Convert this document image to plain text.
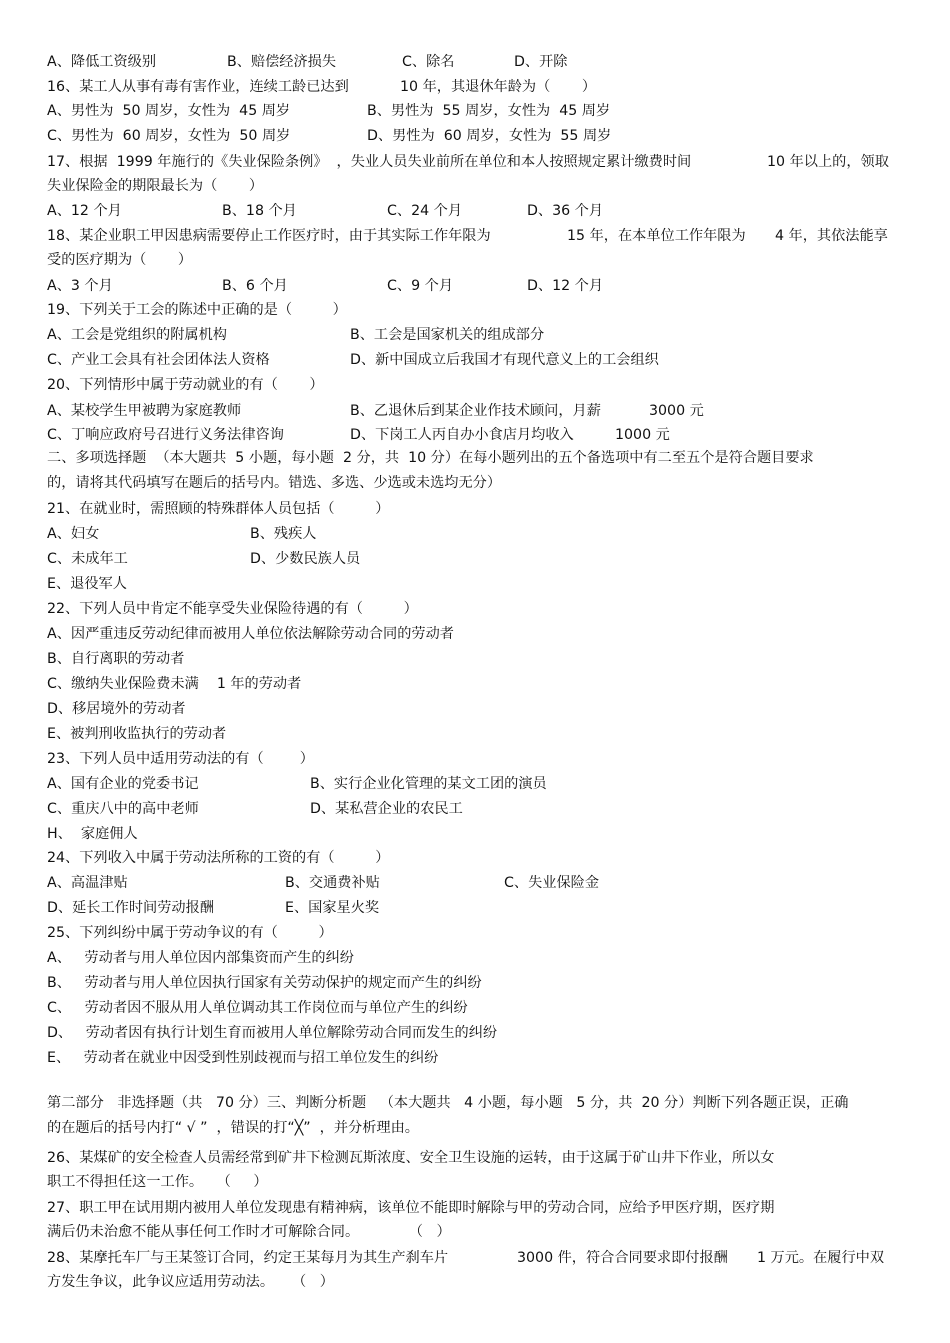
A、降低工资级别	B、赔偿经济损失	C、除名	D、开除
16、某工人从事有毒有害作业，连续工龄已达到	10 年，其退休年龄为（       ）
A、男性为  50 周岁，女性为  45 周岁	B、男性为  55 周岁，女性为  45 周岁
C、男性为  60 周岁，女性为  50 周岁	D、男性为  60 周岁，女性为  55 周岁
17、根据  1999 年施行的《失业保险条例》  ，失业人员失业前所在单位和本人按照规定累计缴费时间	10 年以上的，领取
失业保险金的期限最长为（       ）
A、12 个月	B、18 个月	C、24 个月	D、36 个月
18、某企业职工甲因患病需要停止工作医疗时，由于其实际工作年限为	15 年，在本单位工作年限为 4 年，其依法能享
受的医疗期为（       ）
A、3 个月	B、6 个月	C、9 个月	D、12 个月
19、下列关于工会的陈述中正确的是（         ）
A、工会是党组织的附属机构	B、工会是国家机关的组成部分
C、产业工会具有社会团体法人资格	D、新中国成立后我国才有现代意义上的工会组织
20、下列情形中属于劳动就业的有（       ）
A、某校学生甲被聘为家庭教师	B、乙退休后到某企业作技术顾问，月薪	3000 元
C、丁响应政府号召进行义务法律咨询	D、下岗工人丙自办小食店月均收入	1000 元
二、多项选择题  （本大题共  5 小题，每小题  2 分，共  10 分）在每小题列出的五个备选项中有二至五个是符合题目要求
的，请将其代码填写在题后的括号内。错选、多选、少选或未选均无分）
21、在就业时，需照顾的特殊群体人员包括（         ）
A、妇女	B、残疾人
C、未成年工	D、少数民族人员
E、退役军人
22、下列人员中肯定不能享受失业保险待遇的有（         ）
A、因严重违反劳动纪律而被用人单位依法解除劳动合同的劳动者
B、自行离职的劳动者
C、缴纳失业保险费未满    1 年的劳动者
D、移居境外的劳动者
E、被判刑收监执行的劳动者
23、下列人员中适用劳动法的有（        ）
A、国有企业的党委书记	B、实行企业化管理的某文工团的演员
C、重庆八中的高中老师	D、某私营企业的农民工
H、  家庭佣人
24、下列收入中属于劳动法所称的工资的有（         ）
A、高温津贴	B、交通费补贴	C、失业保险金
D、延长工作时间劳动报酬	E、国家星火奖
25、下列纠纷中属于劳动争议的有（         ）
A、   劳动者与用人单位因内部集资而产生的纠纷
B、   劳动者与用人单位因执行国家有关劳动保护的规定而产生的纠纷
C、   劳动者因不服从用人单位调动其工作岗位而与单位产生的纠纷
D、   劳动者因有执行计划生育而被用人单位解除劳动合同而发生的纠纷
E、   劳动者在就业中因受到性别歧视而与招工单位发生的纠纷
第二部分   非选择题（共   70 分）三、判断分析题   （本大题共   4 小题，每小题   5 分，共  20 分）判断下列各题正误，正确
的在题后的括号内打“ √ ”  ，错误的打“╳”  ，并分析理由。
26、某煤矿的安全检查人员需经常到矿井下检测瓦斯浓度、安全卫生设施的运转，由于这属于矿山井下作业，所以女
职工不得担任这一工作。   （     ）
27、职工甲在试用期内被用人单位发现患有精神病，该单位不能即时解除与甲的劳动合同，应给予甲医疗期，医疗期
满后仍未治愈不能从事任何工作时才可解除合同。           （   ）
28、某摩托车厂与王某签订合同，约定王某每月为其生产刹车片	3000 件，符合合同要求即付报酬 1 万元。在履行中双
方发生争议，此争议应适用劳动法。    （   ）
